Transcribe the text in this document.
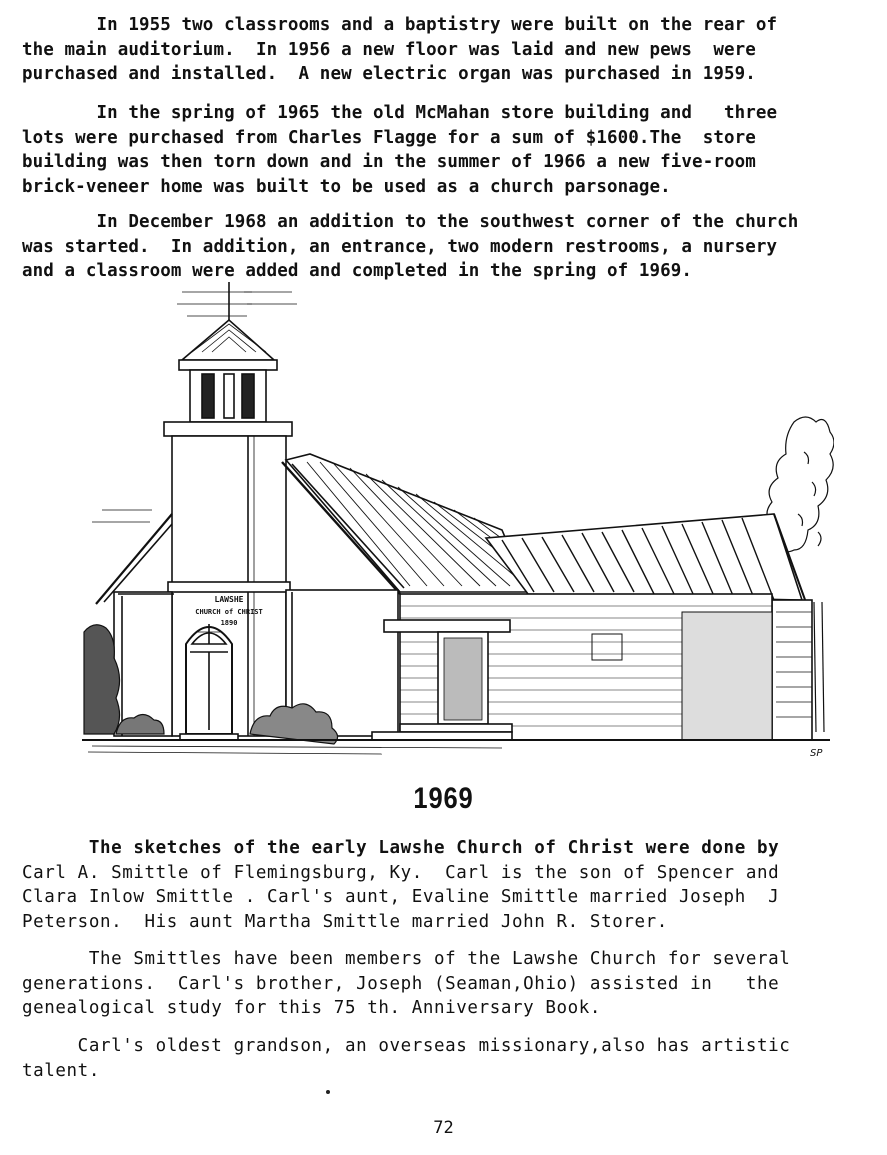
In 1955 two classrooms and a baptistry were built on the rear of
the main auditorium.  In 1956 a new floor was laid and new pews  were
purchased and installed.  A new electric organ was purchased in 1959.
In the spring of 1965 the old McMahan store building and   three
lots were purchased from Charles Flagge for a sum of $1600.The  store
building was then torn down and in the summer of 1966 a new five-room
brick-veneer home was built to be used as a church parsonage.
In December 1968 an addition to the southwest corner of the church
was started.  In addition, an entrance, two modern restrooms, a nursery
and a classroom were added and completed in the spring of 1969.
LAWSHE
CHURCH of CHRIST
1890
SP
1969
The sketches of the early Lawshe Church of Christ were done by
Carl A. Smittle of Flemingsburg, Ky.  Carl is the son of Spencer and
Clara Inlow Smittle . Carl's aunt, Evaline Smittle married Joseph  J
Peterson.  His aunt Martha Smittle married John R. Storer.
The Smittles have been members of the Lawshe Church for several
generations.  Carl's brother, Joseph (Seaman,Ohio) assisted in   the
genealogical study for this 75 th. Anniversary Book.
Carl's oldest grandson, an overseas missionary,also has artistic
talent.
72
